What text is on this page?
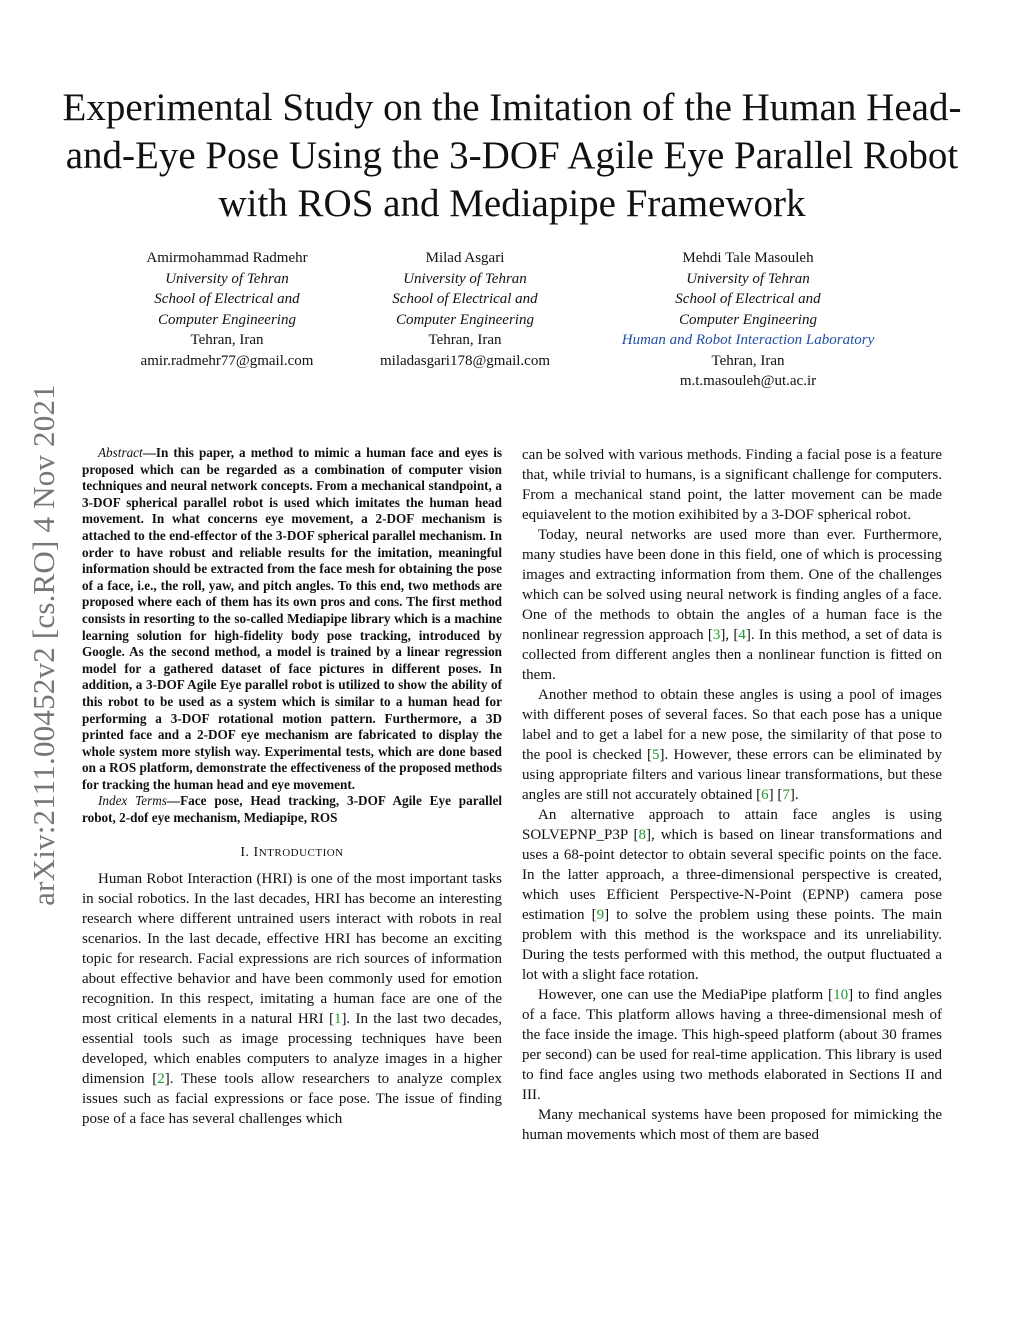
arXiv:2111.00452v2 [cs.RO] 4 Nov 2021
Experimental Study on the Imitation of the Human Head-and-Eye Pose Using the 3-DOF Agile Eye Parallel Robot with ROS and Mediapipe Framework
Amirmohammad Radmehr
University of Tehran
School of Electrical and
Computer Engineering
Tehran, Iran
amir.radmehr77@gmail.com
Milad Asgari
University of Tehran
School of Electrical and
Computer Engineering
Tehran, Iran
miladasgari178@gmail.com
Mehdi Tale Masouleh
University of Tehran
School of Electrical and
Computer Engineering
Human and Robot Interaction Laboratory
Tehran, Iran
m.t.masouleh@ut.ac.ir

Abstract—In this paper, a method to mimic a human face and eyes is proposed which can be regarded as a combination of computer vision techniques and neural network concepts. From a mechanical standpoint, a 3-DOF spherical parallel robot is used which imitates the human head movement. In what concerns eye movement, a 2-DOF mechanism is attached to the end-effector of the 3-DOF spherical parallel mechanism. In order to have robust and reliable results for the imitation, meaningful information should be extracted from the face mesh for obtaining the pose of a face, i.e., the roll, yaw, and pitch angles. To this end, two methods are proposed where each of them has its own pros and cons. The first method consists in resorting to the so-called Mediapipe library which is a machine learning solution for high-fidelity body pose tracking, introduced by Google. As the second method, a model is trained by a linear regression model for a gathered dataset of face pictures in different poses. In addition, a 3-DOF Agile Eye parallel robot is utilized to show the ability of this robot to be used as a system which is similar to a human head for performing a 3-DOF rotational motion pattern. Furthermore, a 3D printed face and a 2-DOF eye mechanism are fabricated to display the whole system more stylish way. Experimental tests, which are done based on a ROS platform, demonstrate the effectiveness of the proposed methods for tracking the human head and eye movement.

Index Terms—Face pose, Head tracking, 3-DOF Agile Eye parallel robot, 2-dof eye mechanism, Mediapipe, ROS

I. INTRODUCTION

Human Robot Interaction (HRI) is one of the most important tasks in social robotics. In the last decades, HRI has become an interesting research where different untrained users interact with robots in real scenarios. In the last decade, effective HRI has become an exciting topic for research. Facial expressions are rich sources of information about effective behavior and have been commonly used for emotion recognition. In this respect, imitating a human face are one of the most critical elements in a natural HRI [1]. In the last two decades, essential tools such as image processing techniques have been developed, which enables computers to analyze images in a higher dimension [2]. These tools allow researchers to analyze complex issues such as facial expressions or face pose. The issue of finding pose of a face has several challenges which

can be solved with various methods. Finding a facial pose is a feature that, while trivial to humans, is a significant challenge for computers. From a mechanical stand point, the latter movement can be made equiavelent to the motion exihibited by a 3-DOF spherical robot.

Today, neural networks are used more than ever. Furthermore, many studies have been done in this field, one of which is processing images and extracting information from them. One of the challenges which can be solved using neural network is finding angles of a face. One of the methods to obtain the angles of a human face is the nonlinear regression approach [3], [4]. In this method, a set of data is collected from different angles then a nonlinear function is fitted on them.

Another method to obtain these angles is using a pool of images with different poses of several faces. So that each pose has a unique label and to get a label for a new pose, the similarity of that pose to the pool is checked [5]. However, these errors can be eliminated by using appropriate filters and various linear transformations, but these angles are still not accurately obtained [6] [7].

An alternative approach to attain face angles is using SOLVEPNP_P3P [8], which is based on linear transformations and uses a 68-point detector to obtain several specific points on the face. In the latter approach, a three-dimensional perspective is created, which uses Efficient Perspective-N-Point (EPNP) camera pose estimation [9] to solve the problem using these points. The main problem with this method is the workspace and its unreliability. During the tests performed with this method, the output fluctuated a lot with a slight face rotation.

However, one can use the MediaPipe platform [10] to find angles of a face. This platform allows having a three-dimensional mesh of the face inside the image. This high-speed platform (about 30 frames per second) can be used for real-time application. This library is used to find face angles using two methods elaborated in Sections II and III.

Many mechanical systems have been proposed for mimicking the human movements which most of them are based
